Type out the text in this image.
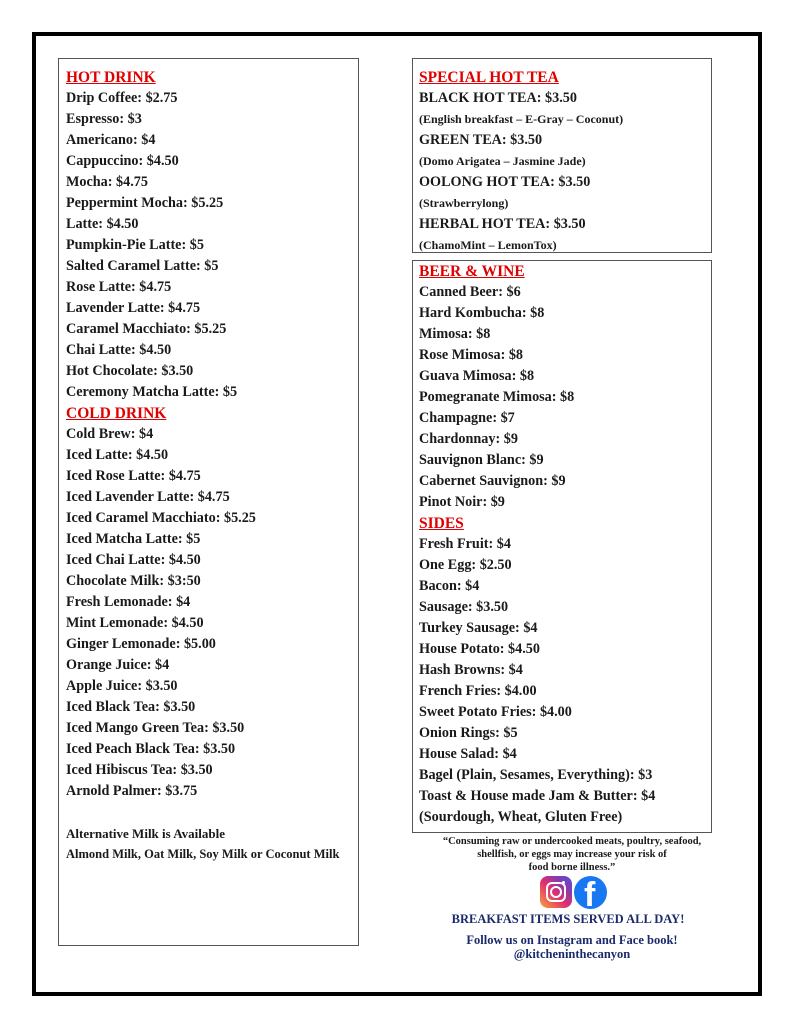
HOT DRINK
Drip Coffee: $2.75
Espresso: $3
Americano: $4
Cappuccino: $4.50
Mocha: $4.75
Peppermint Mocha: $5.25
Latte: $4.50
Pumpkin-Pie Latte: $5
Salted Caramel Latte: $5
Rose Latte: $4.75
Lavender Latte: $4.75
Caramel Macchiato: $5.25
Chai Latte: $4.50
Hot Chocolate: $3.50
Ceremony Matcha Latte: $5
COLD DRINK
Cold Brew: $4
Iced Latte: $4.50
Iced Rose Latte: $4.75
Iced Lavender Latte: $4.75
Iced Caramel Macchiato: $5.25
Iced Matcha Latte: $5
Iced Chai Latte: $4.50
Chocolate Milk: $3:50
Fresh Lemonade: $4
Mint Lemonade: $4.50
Ginger Lemonade: $5.00
Orange Juice: $4
Apple Juice: $3.50
Iced Black Tea: $3.50
Iced Mango Green Tea: $3.50
Iced Peach Black Tea: $3.50
Iced Hibiscus Tea: $3.50
Arnold Palmer: $3.75
Alternative Milk is Available
Almond Milk, Oat Milk, Soy Milk or Coconut Milk
SPECIAL HOT TEA
BLACK HOT TEA: $3.50
(English breakfast – E-Gray – Coconut)
GREEN TEA: $3.50
(Domo Arigatea – Jasmine Jade)
OOLONG HOT TEA: $3.50
(Strawberrylong)
HERBAL HOT TEA: $3.50
(ChamoMint – LemonTox)
BEER & WINE
Canned Beer: $6
Hard Kombucha: $8
Mimosa: $8
Rose Mimosa: $8
Guava Mimosa: $8
Pomegranate Mimosa: $8
Champagne: $7
Chardonnay: $9
Sauvignon Blanc: $9
Cabernet Sauvignon: $9
Pinot Noir: $9
SIDES
Fresh Fruit: $4
One Egg: $2.50
Bacon: $4
Sausage: $3.50
Turkey Sausage: $4
House Potato: $4.50
Hash Browns: $4
French Fries: $4.00
Sweet Potato Fries: $4.00
Onion Rings: $5
House Salad: $4
Bagel (Plain, Sesames, Everything): $3
Toast & House made Jam & Butter: $4
(Sourdough, Wheat, Gluten Free)
“Consuming raw or undercooked meats, poultry, seafood,
shellfish, or eggs may increase your risk of
food borne illness.”
f
BREAKFAST ITEMS SERVED ALL DAY!
Follow us on Instagram and Face book!
@kitcheninthecanyon
